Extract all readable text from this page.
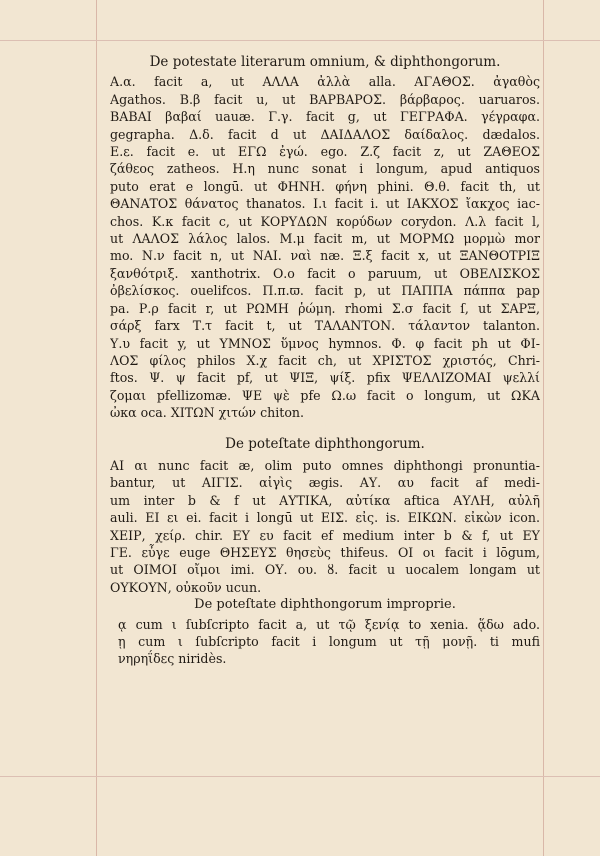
De potestate literarum omnium, & diphthongorum.
A.α. facit a, ut ΑΛΛΑ ἀλλὰ alla. ΑΓΑΘΟΣ. ἀγαθὸς
Agathos. Β.β facit u, ut ΒΑΡΒΑΡΟΣ. βάρβαρος. uaruaros.
ΒΑΒΑΙ βαβαί uauæ. Γ.γ. facit g, ut ΓΕΓΡΑΦΑ. γέγραφα.
gegrapha. Δ.δ. facit d ut ΔΑΙΔΑΛΟΣ δαίδαλος. dædalos.
Ε.ε. facit e. ut ΕΓΩ ἐγώ. ego. Ζ.ζ facit z, ut ΖΑΘΕΟΣ
ζάθεος zatheos. Η.η nunc sonat i longum, apud antiquos
puto erat e longū. ut ΦΗΝΗ. φήνη phini. Θ.θ. facit th, ut
ΘΑΝΑΤΟΣ θάνατος thanatos. Ι.ι facit i. ut ΙΑΚΧΟΣ ἴακχος iac-
chos. Κ.κ facit c, ut ΚΟΡΥΔΩΝ κορύδων corydon. Λ.λ facit l,
ut ΛΑΛΟΣ λάλος lalos. Μ.μ facit m, ut ΜΟΡΜΩ μορμὼ mor
mo. Ν.ν facit n, ut ΝΑΙ. ναὶ næ. Ξ.ξ facit x, ut ΞΑΝΘΟΤΡΙΞ
ξανθότριξ. xanthotrix. Ο.ο facit o paruum, ut ΟΒΕΛΙΣΚΟΣ
ὀβελίσκος. ouelifcos. Π.π.ϖ. facit p, ut ΠΑΠΠΑ πάππα pap
pa. Ρ.ρ facit r, ut ΡΩΜΗ ῥώμη. rhomi Σ.σ facit ſ, ut ΣΑΡΞ,
σάρξ farx Τ.τ facit t, ut ΤΑΛΑΝΤΟΝ. τάλαντον talanton.
Υ.υ facit y, ut ΥΜΝΟΣ ὕμνος hymnos. Φ. φ facit ph ut ΦΙ-
ΛΟΣ φίλος philos Χ.χ facit ch, ut ΧΡΙΣΤΟΣ χριστός, Chri-
ftos. Ψ. ψ facit pf, ut ΨΙΞ, ψίξ. pfix ΨΕΛΛΙΖΟΜΑΙ ψελλί
ζομαι pfellizomæ. ΨΕ ψὲ pfe Ω.ω facit o longum, ut ΩΚΑ
ὠκα oca. ΧΙΤΩΝ χιτών chiton.
De poteſtate diphthongorum.
ΑΙ αι nunc facit æ, olim puto omnes diphthongi pronuntia-
bantur, ut ΑΙΓΙΣ. αἰγὶς ægis. ΑΥ. αυ facit af medi-
um inter b & f ut ΑΥΤΙΚΑ, αὐτίκα aftica ΑΥΛΗ, αὐλῆ
auli. ΕΙ ει ei. facit i longū ut ΕΙΣ. εἰς. is. ΕΙΚΩΝ. εἰκὼν icon.
ΧΕΙΡ, χείρ. chir. ΕΥ ευ facit ef medium inter b & f, ut ΕΥ
ΓΕ. εὖγε euge ΘΗΣΕΥΣ θησεὺς thifeus. ΟΙ οι facit i lōgum,
ut ΟΙΜΟΙ οἴμοι imi. ΟΥ. ου. ȣ. facit u uocalem longam ut
ΟΥΚΟΥΝ, οὐκοῦν ucun.
De poteſtate diphthongorum improprie.
ᾳ cum ι ſubſcripto facit a, ut τῷ ξενίᾳ to xenia. ᾅδω ado.
ῃ cum ι ſubſcripto facit i longum ut τῇ μονῇ. ti mufi
νηρηΐδες niridès.
